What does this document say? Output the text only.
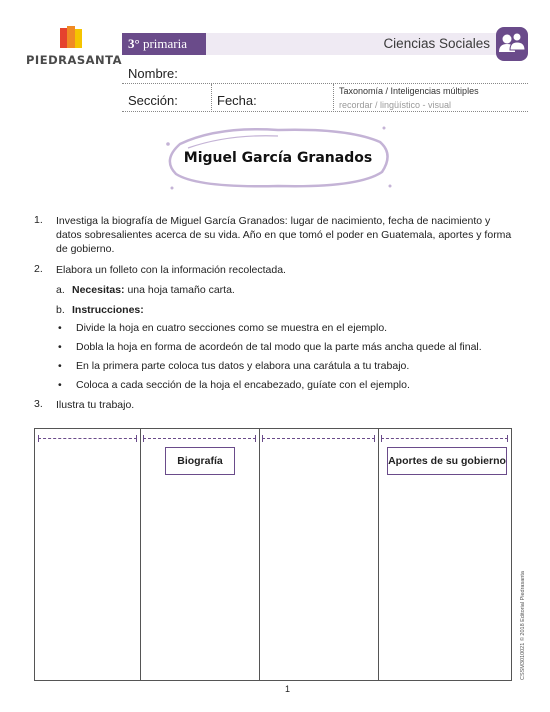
PIEDRASANTA
3° primaria	Ciencias Sociales
Nombre:
Sección:	Fecha:
Taxonomía / Inteligencias múltiples
recordar / lingüístico - visual
Miguel García Granados
1. Investiga la biografía de Miguel García Granados: lugar de nacimiento, fecha de nacimiento y datos sobresalientes acerca de su vida. Año en que tomó el poder en Guatemala, aportes y forma de gobierno.
2. Elabora un folleto con la información recolectada.
a. Necesitas: una hoja tamaño carta.
b. Instrucciones:
• Divide la hoja en cuatro secciones como se muestra en el ejemplo.
• Dobla la hoja en forma de acordeón de tal modo que la parte más ancha quede al final.
• En la primera parte coloca tus datos y elabora una carátula a tu trabajo.
• Coloca a cada sección de la hoja el encabezado, guíate con el ejemplo.
3. Ilustra tu trabajo.
Biografía	Aportes de su gobierno
CSSM3010021 © 2018 Editorial Piedrasanta
1
